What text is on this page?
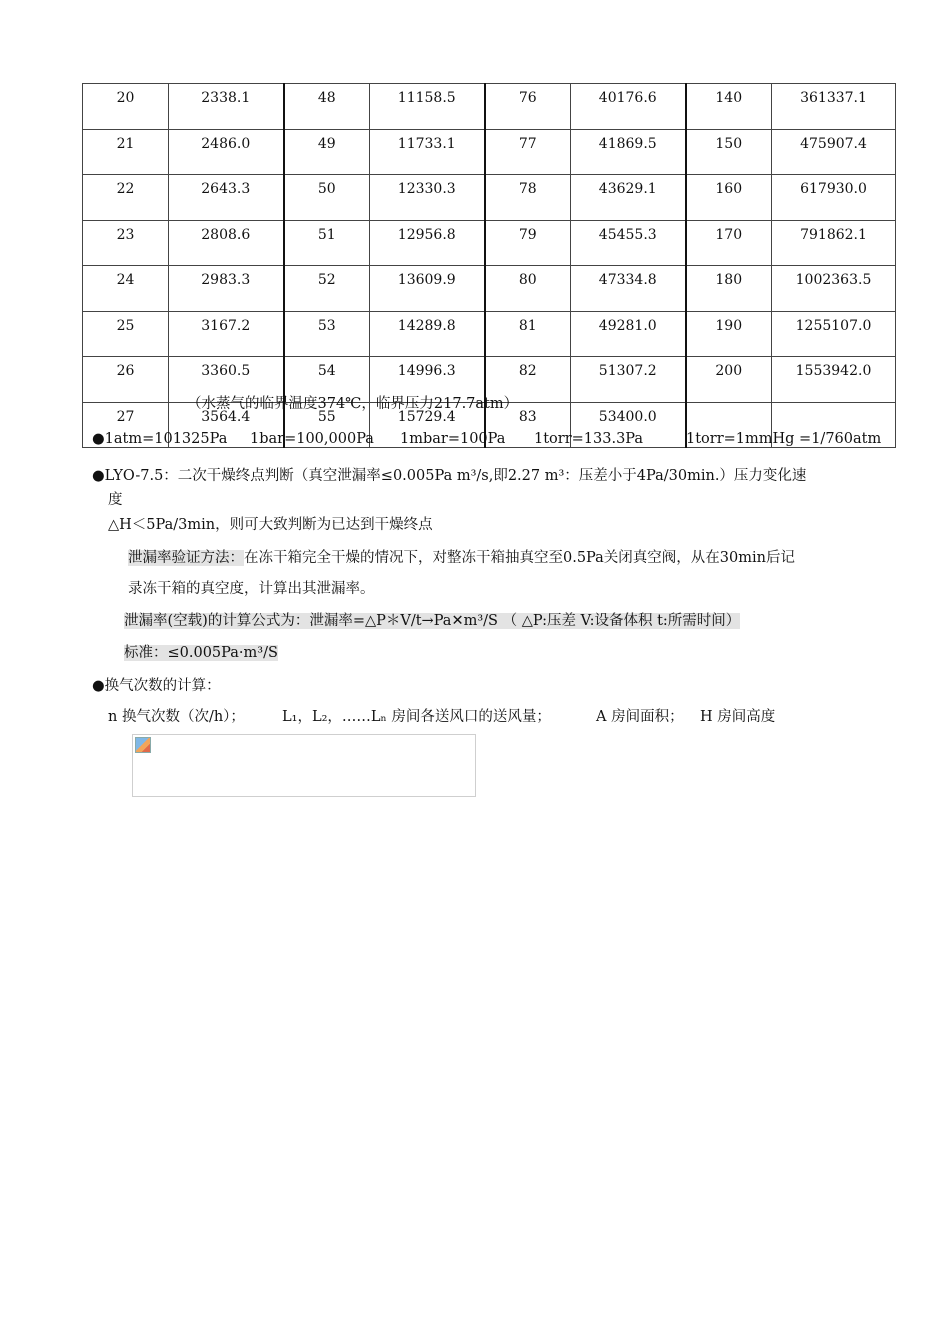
20	2338.1	48	11158.5	76	40176.6	140	361337.1
21	2486.0	49	11733.1	77	41869.5	150	475907.4
22	2643.3	50	12330.3	78	43629.1	160	617930.0
23	2808.6	51	12956.8	79	45455.3	170	791862.1
24	2983.3	52	13609.9	80	47334.8	180	1002363.5
25	3167.2	53	14289.8	81	49281.0	190	1255107.0
26	3360.5	54	14996.3	82	51307.2	200	1553942.0
27	3564.4	55	15729.4	83	53400.0		
（水蒸气的临界温度374℃，临界压力217.7atm）
●1atm=101325Pa 1bar=100,000Pa 1mbar=100Pa 1torr=133.3Pa	1torr=1mmHg =1/760atm
●LYO-7.5：二次干燥终点判断（真空泄漏率≤0.005Pa m³/s,即2.27 m³：压差小于4Pa/30min.）压力变化速
度
△H＜5Pa/3min，则可大致判断为已达到干燥终点
泄漏率验证方法：在冻干箱完全干燥的情况下，对整冻干箱抽真空至0.5Pa关闭真空阀，从在30min后记
录冻干箱的真空度，计算出其泄漏率。
泄漏率(空载)的计算公式为：泄漏率=△P＊V/t→Pa✕m³/S （ △P:压差 V:设备体积 t:所需时间）
标准：≤0.005Pa·m³/S
●换气次数的计算：
n 换气次数（次/h）；	L₁，L₂，……Lₙ 房间各送风口的送风量；	A 房间面积； H 房间高度
